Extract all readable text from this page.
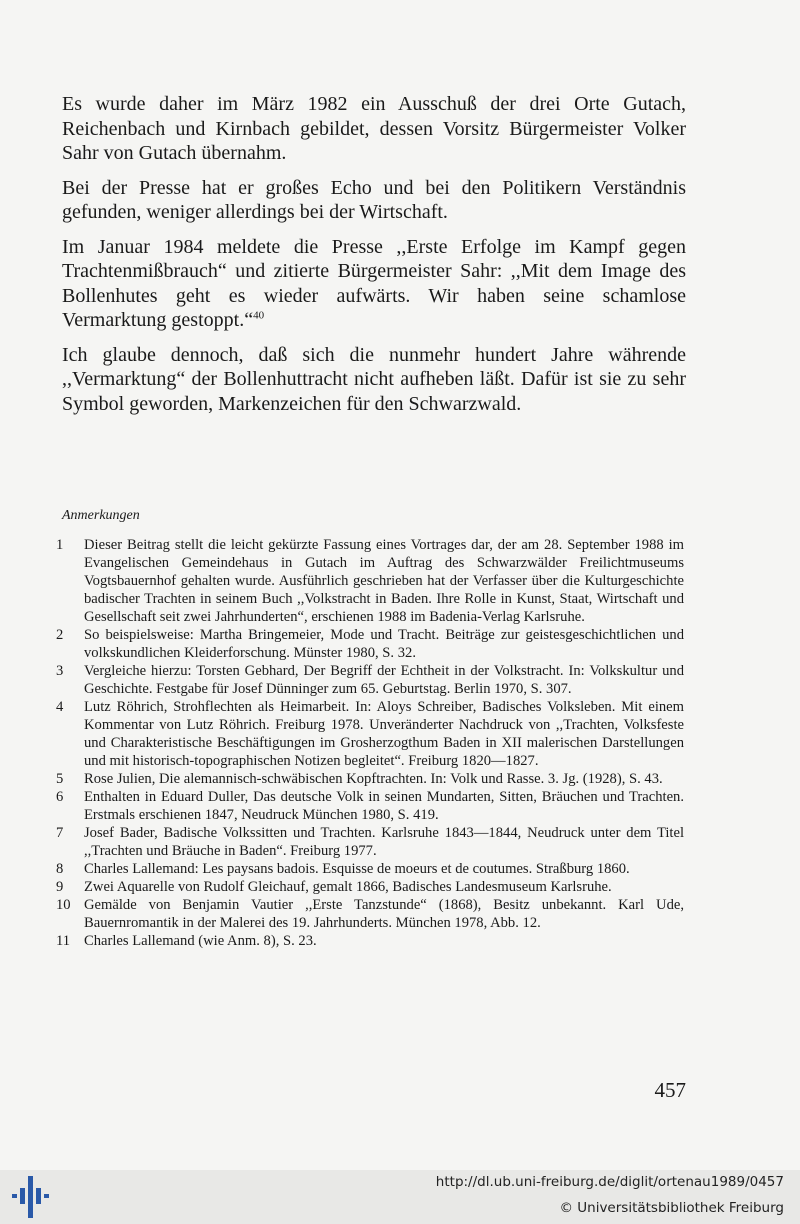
Es wurde daher im März 1982 ein Ausschuß der drei Orte Gutach, Reichenbach und Kirnbach gebildet, dessen Vorsitz Bürgermeister Volker Sahr von Gutach übernahm.

Bei der Presse hat er großes Echo und bei den Politikern Verständnis gefunden, weniger allerdings bei der Wirtschaft.

Im Januar 1984 meldete die Presse ,,Erste Erfolge im Kampf gegen Trachtenmißbrauch“ und zitierte Bürgermeister Sahr: ,,Mit dem Image des Bollenhutes geht es wieder aufwärts. Wir haben seine schamlose Vermarktung gestoppt.“$^{40}$

Ich glaube dennoch, daß sich die nunmehr hundert Jahre währende ,,Vermarktung“ der Bollenhuttracht nicht aufheben läßt. Dafür ist sie zu sehr Symbol geworden, Markenzeichen für den Schwarzwald.

Anmerkungen
1	Dieser Beitrag stellt die leicht gekürzte Fassung eines Vortrages dar, der am 28. September 1988 im Evangelischen Gemeindehaus in Gutach im Auftrag des Schwarzwälder Freilichtmuseums Vogtsbauernhof gehalten wurde. Ausführlich geschrieben hat der Verfasser über die Kulturgeschichte badischer Trachten in seinem Buch ,,Volkstracht in Baden. Ihre Rolle in Kunst, Staat, Wirtschaft und Gesellschaft seit zwei Jahrhunderten“, erschienen 1988 im Badenia-Verlag Karlsruhe.
2	So beispielsweise: Martha Bringemeier, Mode und Tracht. Beiträge zur geistesgeschichtlichen und volkskundlichen Kleiderforschung. Münster 1980, S. 32.
3	Vergleiche hierzu: Torsten Gebhard, Der Begriff der Echtheit in der Volkstracht. In: Volkskultur und Geschichte. Festgabe für Josef Dünninger zum 65. Geburtstag. Berlin 1970, S. 307.
4	Lutz Röhrich, Strohflechten als Heimarbeit. In: Aloys Schreiber, Badisches Volksleben. Mit einem Kommentar von Lutz Röhrich. Freiburg 1978. Unveränderter Nachdruck von ,,Trachten, Volksfeste und Charakteristische Beschäftigungen im Grosherzogthum Baden in XII malerischen Darstellungen und mit historisch-topographischen Notizen begleitet“. Freiburg 1820—1827.
5	Rose Julien, Die alemannisch-schwäbischen Kopftrachten. In: Volk und Rasse. 3. Jg. (1928), S. 43.
6	Enthalten in Eduard Duller, Das deutsche Volk in seinen Mundarten, Sitten, Bräuchen und Trachten. Erstmals erschienen 1847, Neudruck München 1980, S. 419.
7	Josef Bader, Badische Volkssitten und Trachten. Karlsruhe 1843—1844, Neudruck unter dem Titel ,,Trachten und Bräuche in Baden“. Freiburg 1977.
8	Charles Lallemand: Les paysans badois. Esquisse de moeurs et de coutumes. Straßburg 1860.
9	Zwei Aquarelle von Rudolf Gleichauf, gemalt 1866, Badisches Landesmuseum Karlsruhe.
10 Gemälde von Benjamin Vautier ,,Erste Tanzstunde“ (1868), Besitz unbekannt. Karl Ude, Bauernromantik in der Malerei des 19. Jahrhunderts. München 1978, Abb. 12.
11 Charles Lallemand (wie Anm. 8), S. 23.
457
http://dl.ub.uni-freiburg.de/diglit/ortenau1989/0457
© Universitätsbibliothek Freiburg
